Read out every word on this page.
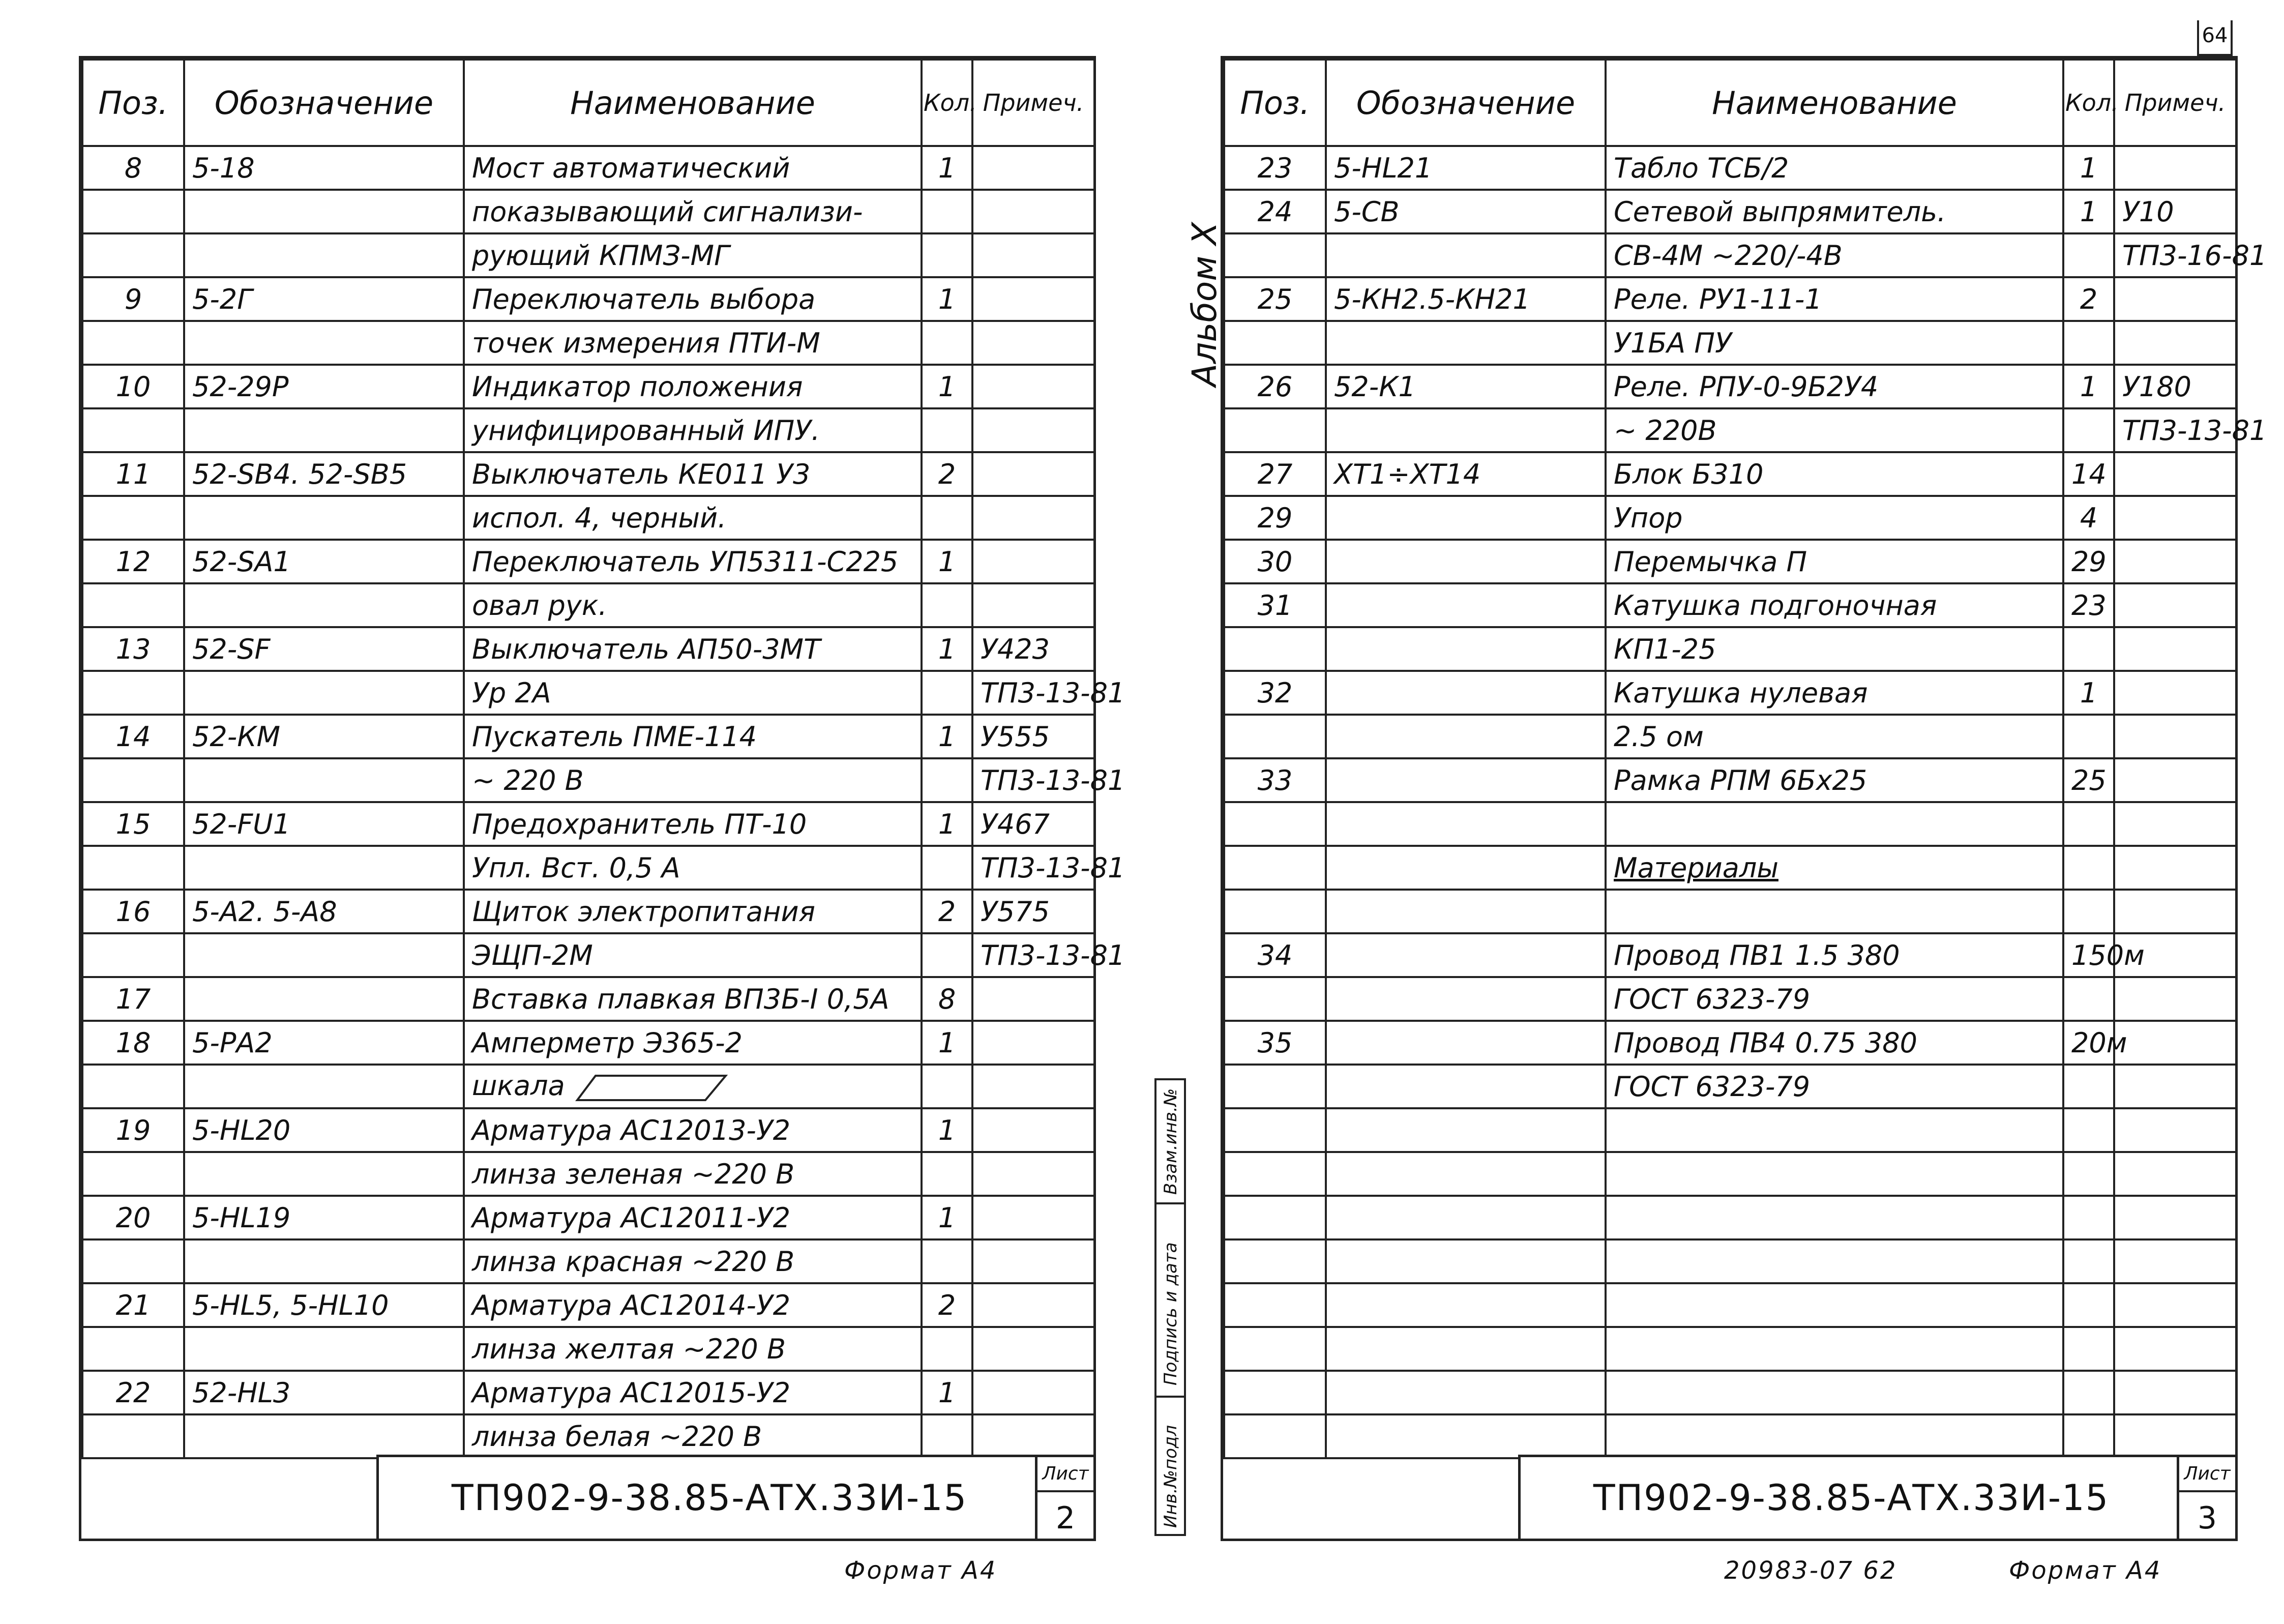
Поз.	Обозначение	Наименование	Кол.	Примеч.
8	5-18	Мост автоматический	1	
		показывающий сигнализи-		
		рующий КПМЗ-МГ		
9	5-2Г	Переключатель выбора	1	
		точек измерения ПТИ-М		
10	52-29Р	Индикатор положения	1	
		унифицированный ИПУ.		
11	52-SB4. 52-SB5	Выключатель КЕ011 У3	2	
		испол. 4, черный.		
12	52-SA1	Переключатель УП5311-С225	1	
		овал рук.		
13	52-SF	Выключатель АП50-3МТ	1	У423
		Ур 2А		ТП3-13-81
14	52-КМ	Пускатель ПМЕ-114	1	У555
		~ 220 В		ТП3-13-81
15	52-FU1	Предохранитель ПТ-10	1	У467
		Упл. Вст. 0,5 А		ТП3-13-81
16	5-А2. 5-А8	Щиток электропитания	2	У575
		ЭЩП-2М		ТП3-13-81
17		Вставка плавкая ВП3Б-I 0,5А	8	
18	5-РА2	Амперметр Э365-2	1	
		шкала		
19	5-HL20	Арматура АС12013-У2	1	
		линза зеленая ~220 В		
20	5-HL19	Арматура АС12011-У2	1	
		линза красная ~220 В		
21	5-HL5, 5-HL10	Арматура АС12014-У2	2	
		линза желтая ~220 В		
22	52-HL3	Арматура АС12015-У2	1	
		линза белая ~220 В		
ТП902-9-38.85-АТХ.33И-15
Лист
2
Формат А4
Альбом X
Инв.№подл
Подпись и дата
Взам.инв.№
Поз.	Обозначение	Наименование	Кол.	Примеч.
23	5-HL21	Табло ТСБ/2	1	
24	5-СВ	Сетевой выпрямитель.	1	У10
		СВ-4М ~220/-4В		ТП3-16-81
25	5-КН2.5-КН21	Реле. РУ1-11-1	2	
		У1БА ПУ		
26	52-К1	Реле. РПУ-0-9Б2У4	1	У180
		~ 220В		ТП3-13-81
27	XT1÷XT14	Блок Б310	14	
29		Упор	4	
30		Перемычка П	29	
31		Катушка подгоночная	23	
		КП1-25		
32		Катушка нулевая	1	
		2.5 ом		
33		Рамка РПМ 6Бх25	25	

		Материалы		

34		Провод ПВ1 1.5 380	150м	
		ГОСТ 6323-79		
35		Провод ПВ4 0.75 380	20м	
		ГОСТ 6323-79		

ТП902-9-38.85-АТХ.33И-15
Лист
3
64
20983-07 62	Формат А4
